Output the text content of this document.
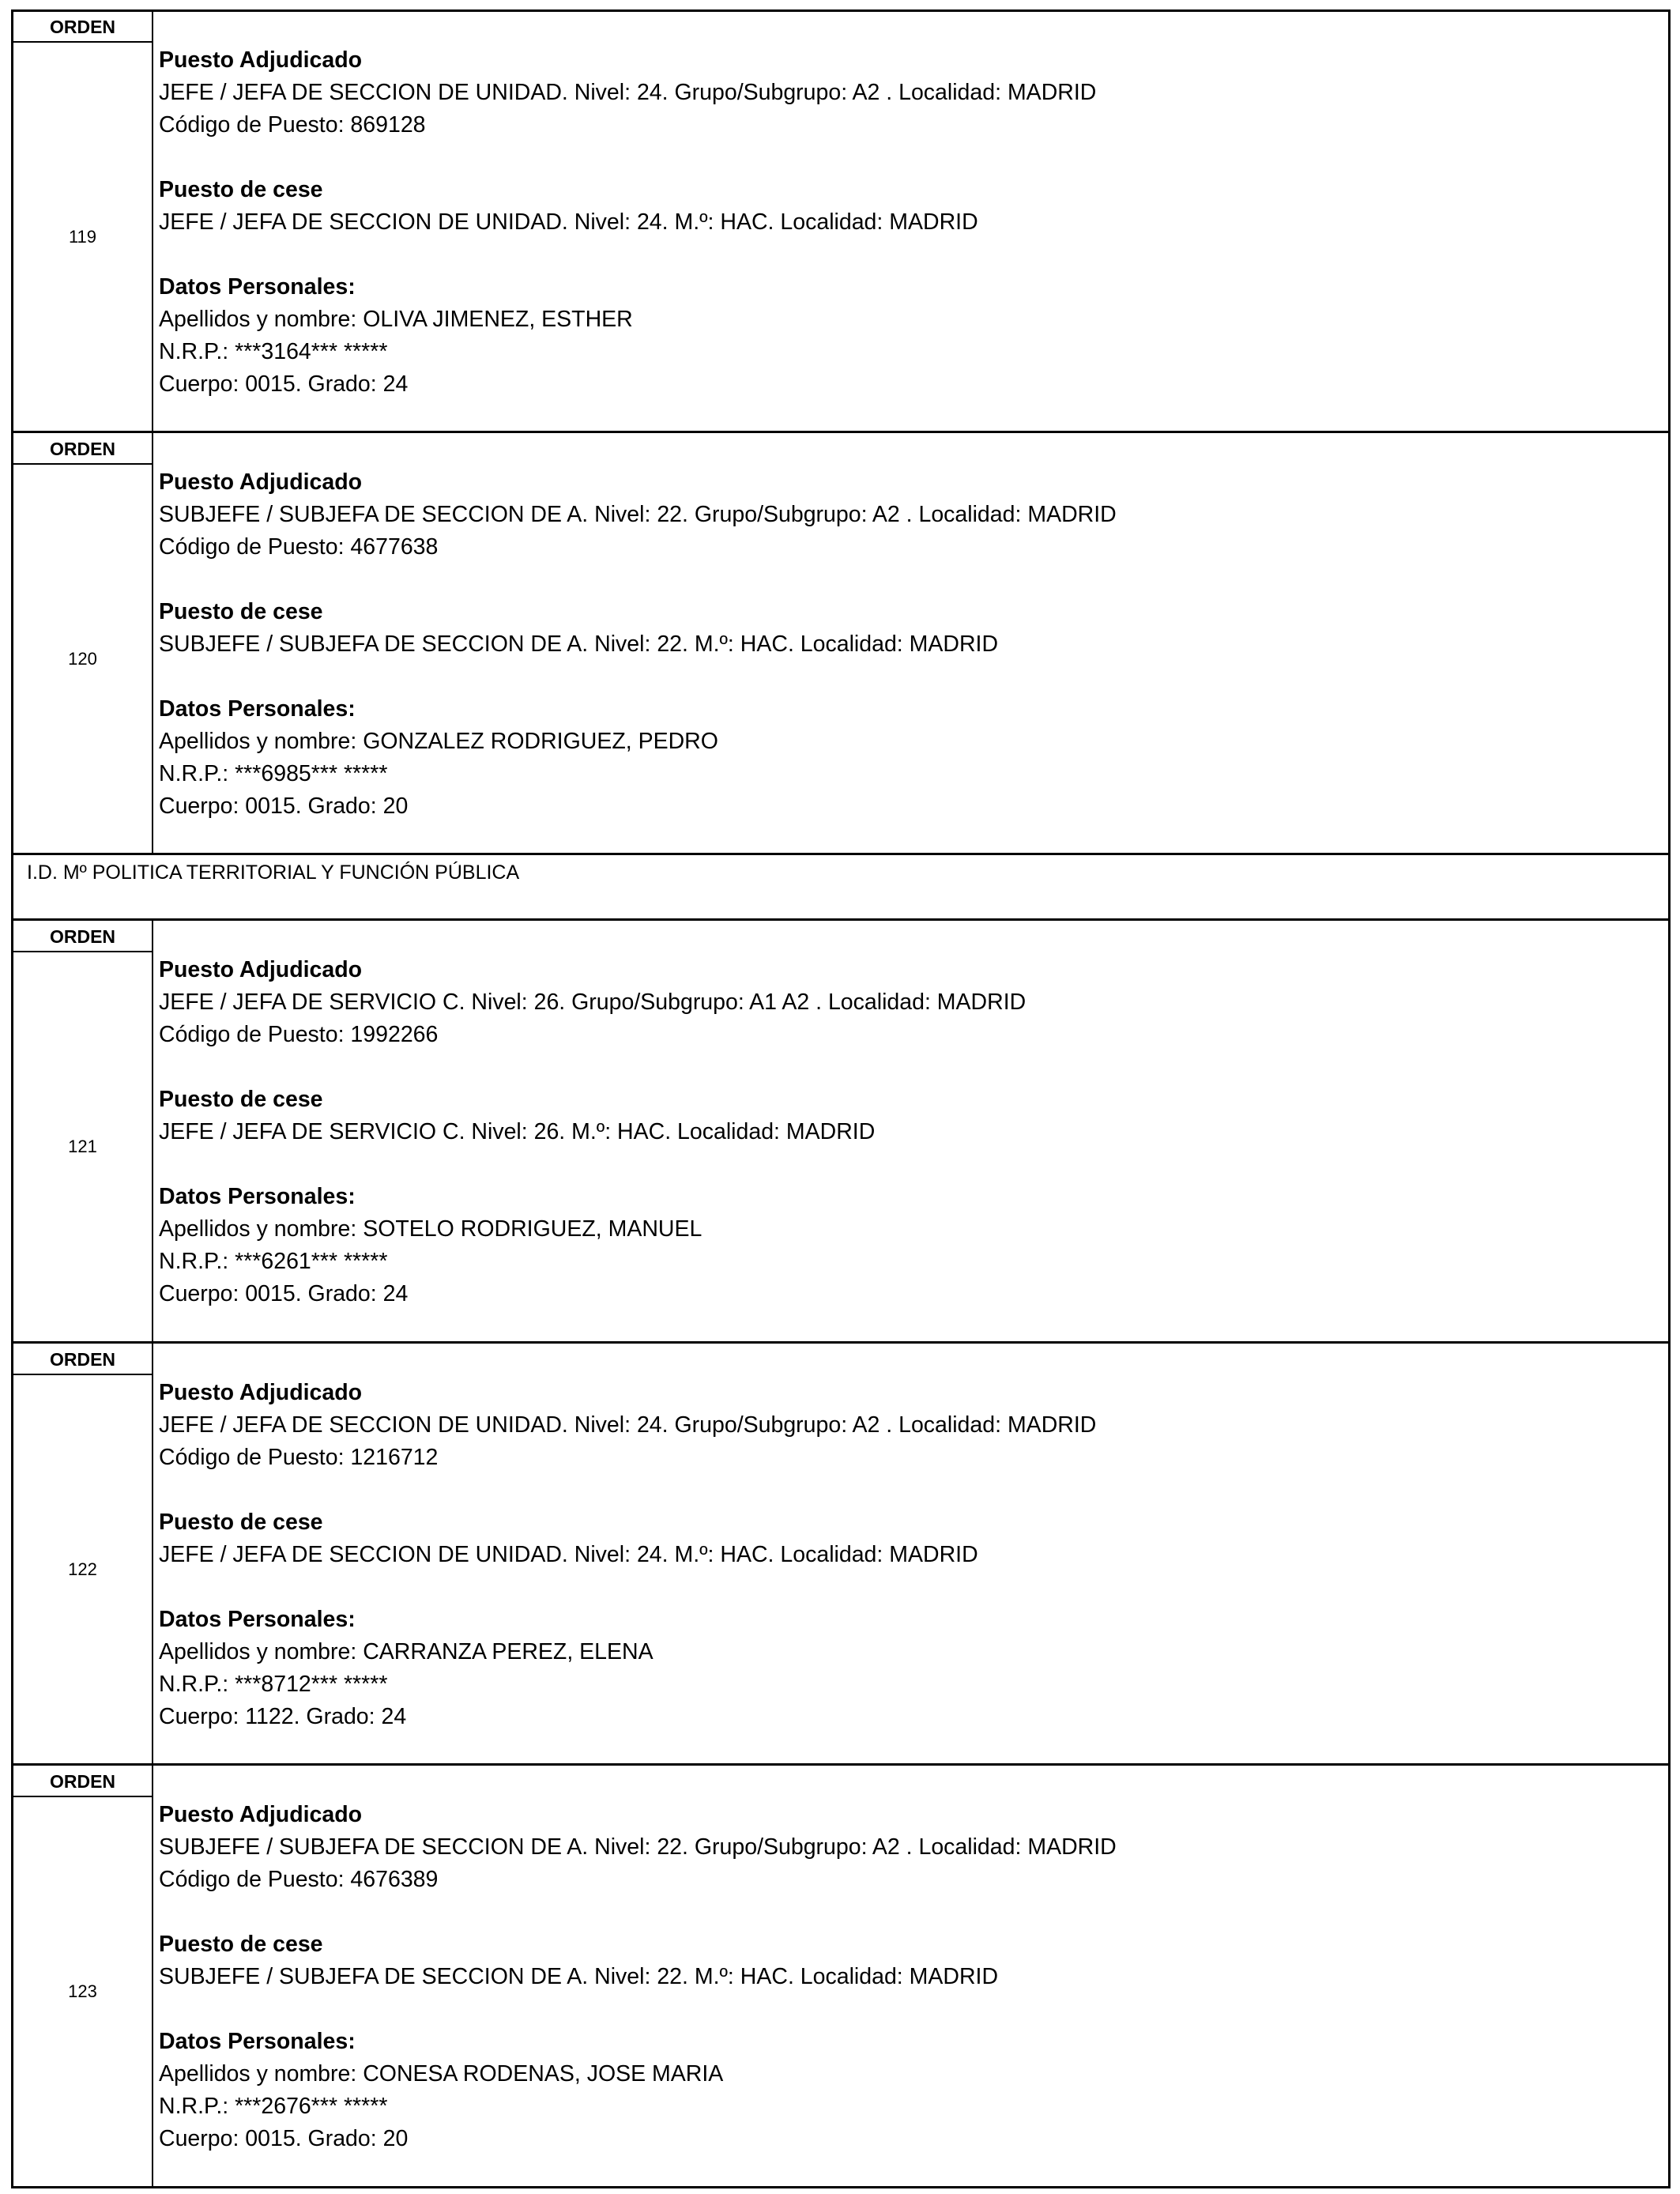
ORDEN
119
Puesto Adjudicado
JEFE / JEFA DE SECCION DE UNIDAD. Nivel: 24. Grupo/Subgrupo: A2 . Localidad: MADRID
Código de Puesto: 869128
Puesto de cese
JEFE / JEFA DE SECCION DE UNIDAD. Nivel: 24. M.º: HAC. Localidad: MADRID
Datos Personales:
Apellidos y nombre: OLIVA JIMENEZ, ESTHER
N.R.P.: ***3164*** *****
Cuerpo: 0015. Grado: 24
ORDEN
120
Puesto Adjudicado
SUBJEFE / SUBJEFA DE SECCION DE A. Nivel: 22. Grupo/Subgrupo: A2 . Localidad: MADRID
Código de Puesto: 4677638
Puesto de cese
SUBJEFE / SUBJEFA DE SECCION DE A. Nivel: 22. M.º: HAC. Localidad: MADRID
Datos Personales:
Apellidos y nombre: GONZALEZ RODRIGUEZ, PEDRO
N.R.P.: ***6985*** *****
Cuerpo: 0015. Grado: 20
I.D. Mº POLITICA TERRITORIAL Y FUNCIÓN PÚBLICA
ORDEN
121
Puesto Adjudicado
JEFE / JEFA DE SERVICIO C. Nivel: 26. Grupo/Subgrupo: A1 A2 . Localidad: MADRID
Código de Puesto: 1992266
Puesto de cese
JEFE / JEFA DE SERVICIO C. Nivel: 26. M.º: HAC. Localidad: MADRID
Datos Personales:
Apellidos y nombre: SOTELO RODRIGUEZ, MANUEL
N.R.P.: ***6261*** *****
Cuerpo: 0015. Grado: 24
ORDEN
122
Puesto Adjudicado
JEFE / JEFA DE SECCION DE UNIDAD. Nivel: 24. Grupo/Subgrupo: A2 . Localidad: MADRID
Código de Puesto: 1216712
Puesto de cese
JEFE / JEFA DE SECCION DE UNIDAD. Nivel: 24. M.º: HAC. Localidad: MADRID
Datos Personales:
Apellidos y nombre: CARRANZA PEREZ, ELENA
N.R.P.: ***8712*** *****
Cuerpo: 1122. Grado: 24
ORDEN
123
Puesto Adjudicado
SUBJEFE / SUBJEFA DE SECCION DE A. Nivel: 22. Grupo/Subgrupo: A2 . Localidad: MADRID
Código de Puesto: 4676389
Puesto de cese
SUBJEFE / SUBJEFA DE SECCION DE A. Nivel: 22. M.º: HAC. Localidad: MADRID
Datos Personales:
Apellidos y nombre: CONESA RODENAS, JOSE MARIA
N.R.P.: ***2676*** *****
Cuerpo: 0015. Grado: 20
